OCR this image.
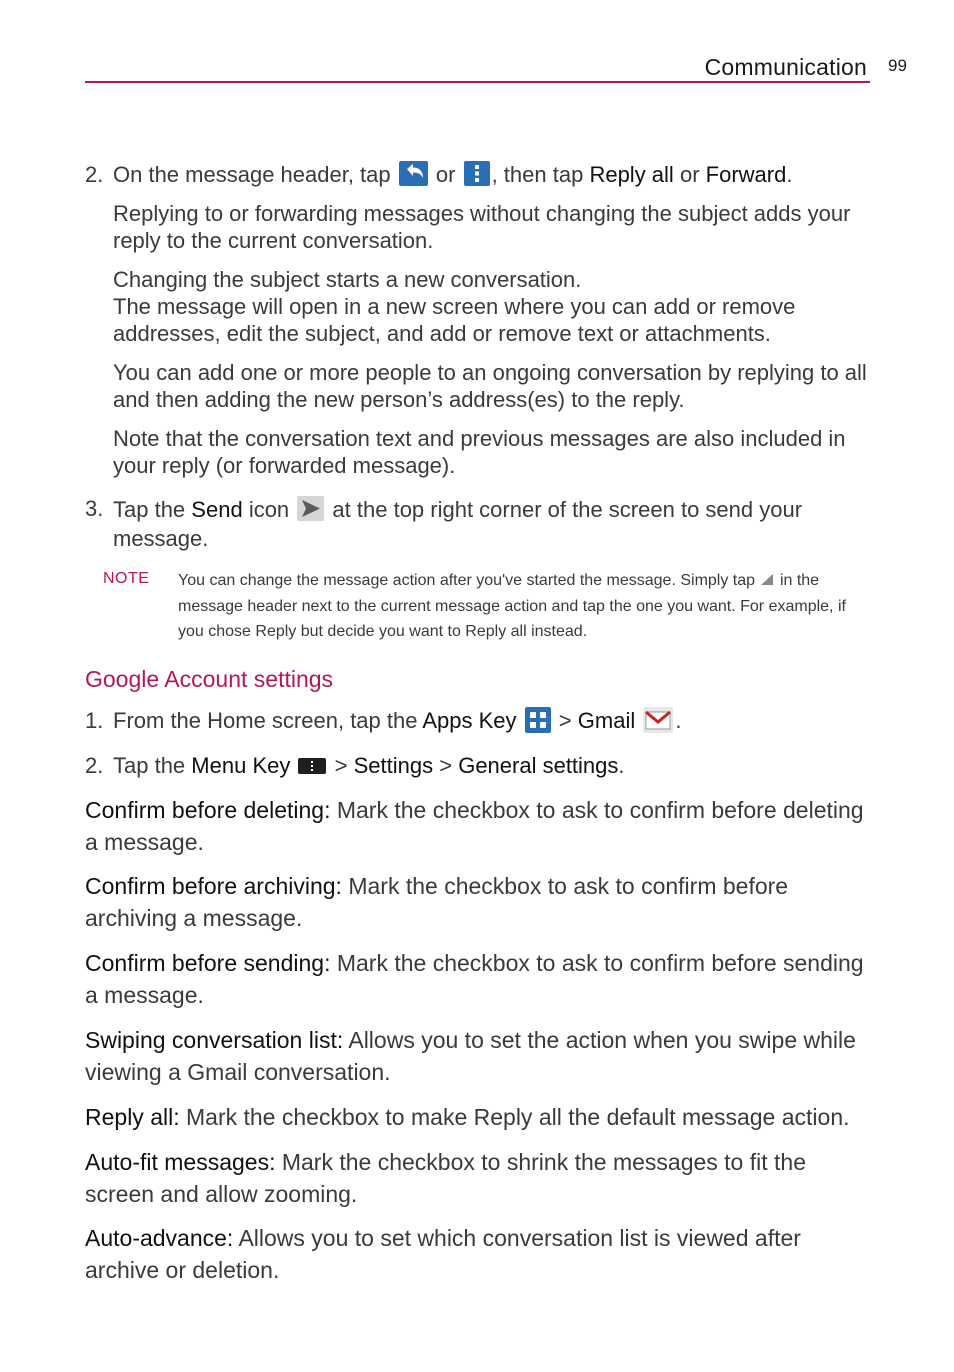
Communication 99
2. On the message header, tap or , then tap Reply all or Forward.
Replying to or forwarding messages without changing the subject adds your reply to the current conversation.
Changing the subject starts a new conversation.
The message will open in a new screen where you can add or remove addresses, edit the subject, and add or remove text or attachments.
You can add one or more people to an ongoing conversation by replying to all and then adding the new person’s address(es) to the reply.
Note that the conversation text and previous messages are also included in your reply (or forwarded message).
3. Tap the Send icon at the top right corner of the screen to send your message.
NOTE You can change the message action after you've started the message. Simply tap in the message header next to the current message action and tap the one you want. For example, if you chose Reply but decide you want to Reply all instead.
Google Account settings
1. From the Home screen, tap the Apps Key > Gmail .
2. Tap the Menu Key > Settings > General settings.
Confirm before deleting: Mark the checkbox to ask to confirm before deleting a message.
Confirm before archiving: Mark the checkbox to ask to confirm before archiving a message.
Confirm before sending: Mark the checkbox to ask to confirm before sending a message.
Swiping conversation list: Allows you to set the action when you swipe while viewing a Gmail conversation.
Reply all: Mark the checkbox to make Reply all the default message action.
Auto-fit messages: Mark the checkbox to shrink the messages to fit the screen and allow zooming.
Auto-advance: Allows you to set which conversation list is viewed after archive or deletion.
